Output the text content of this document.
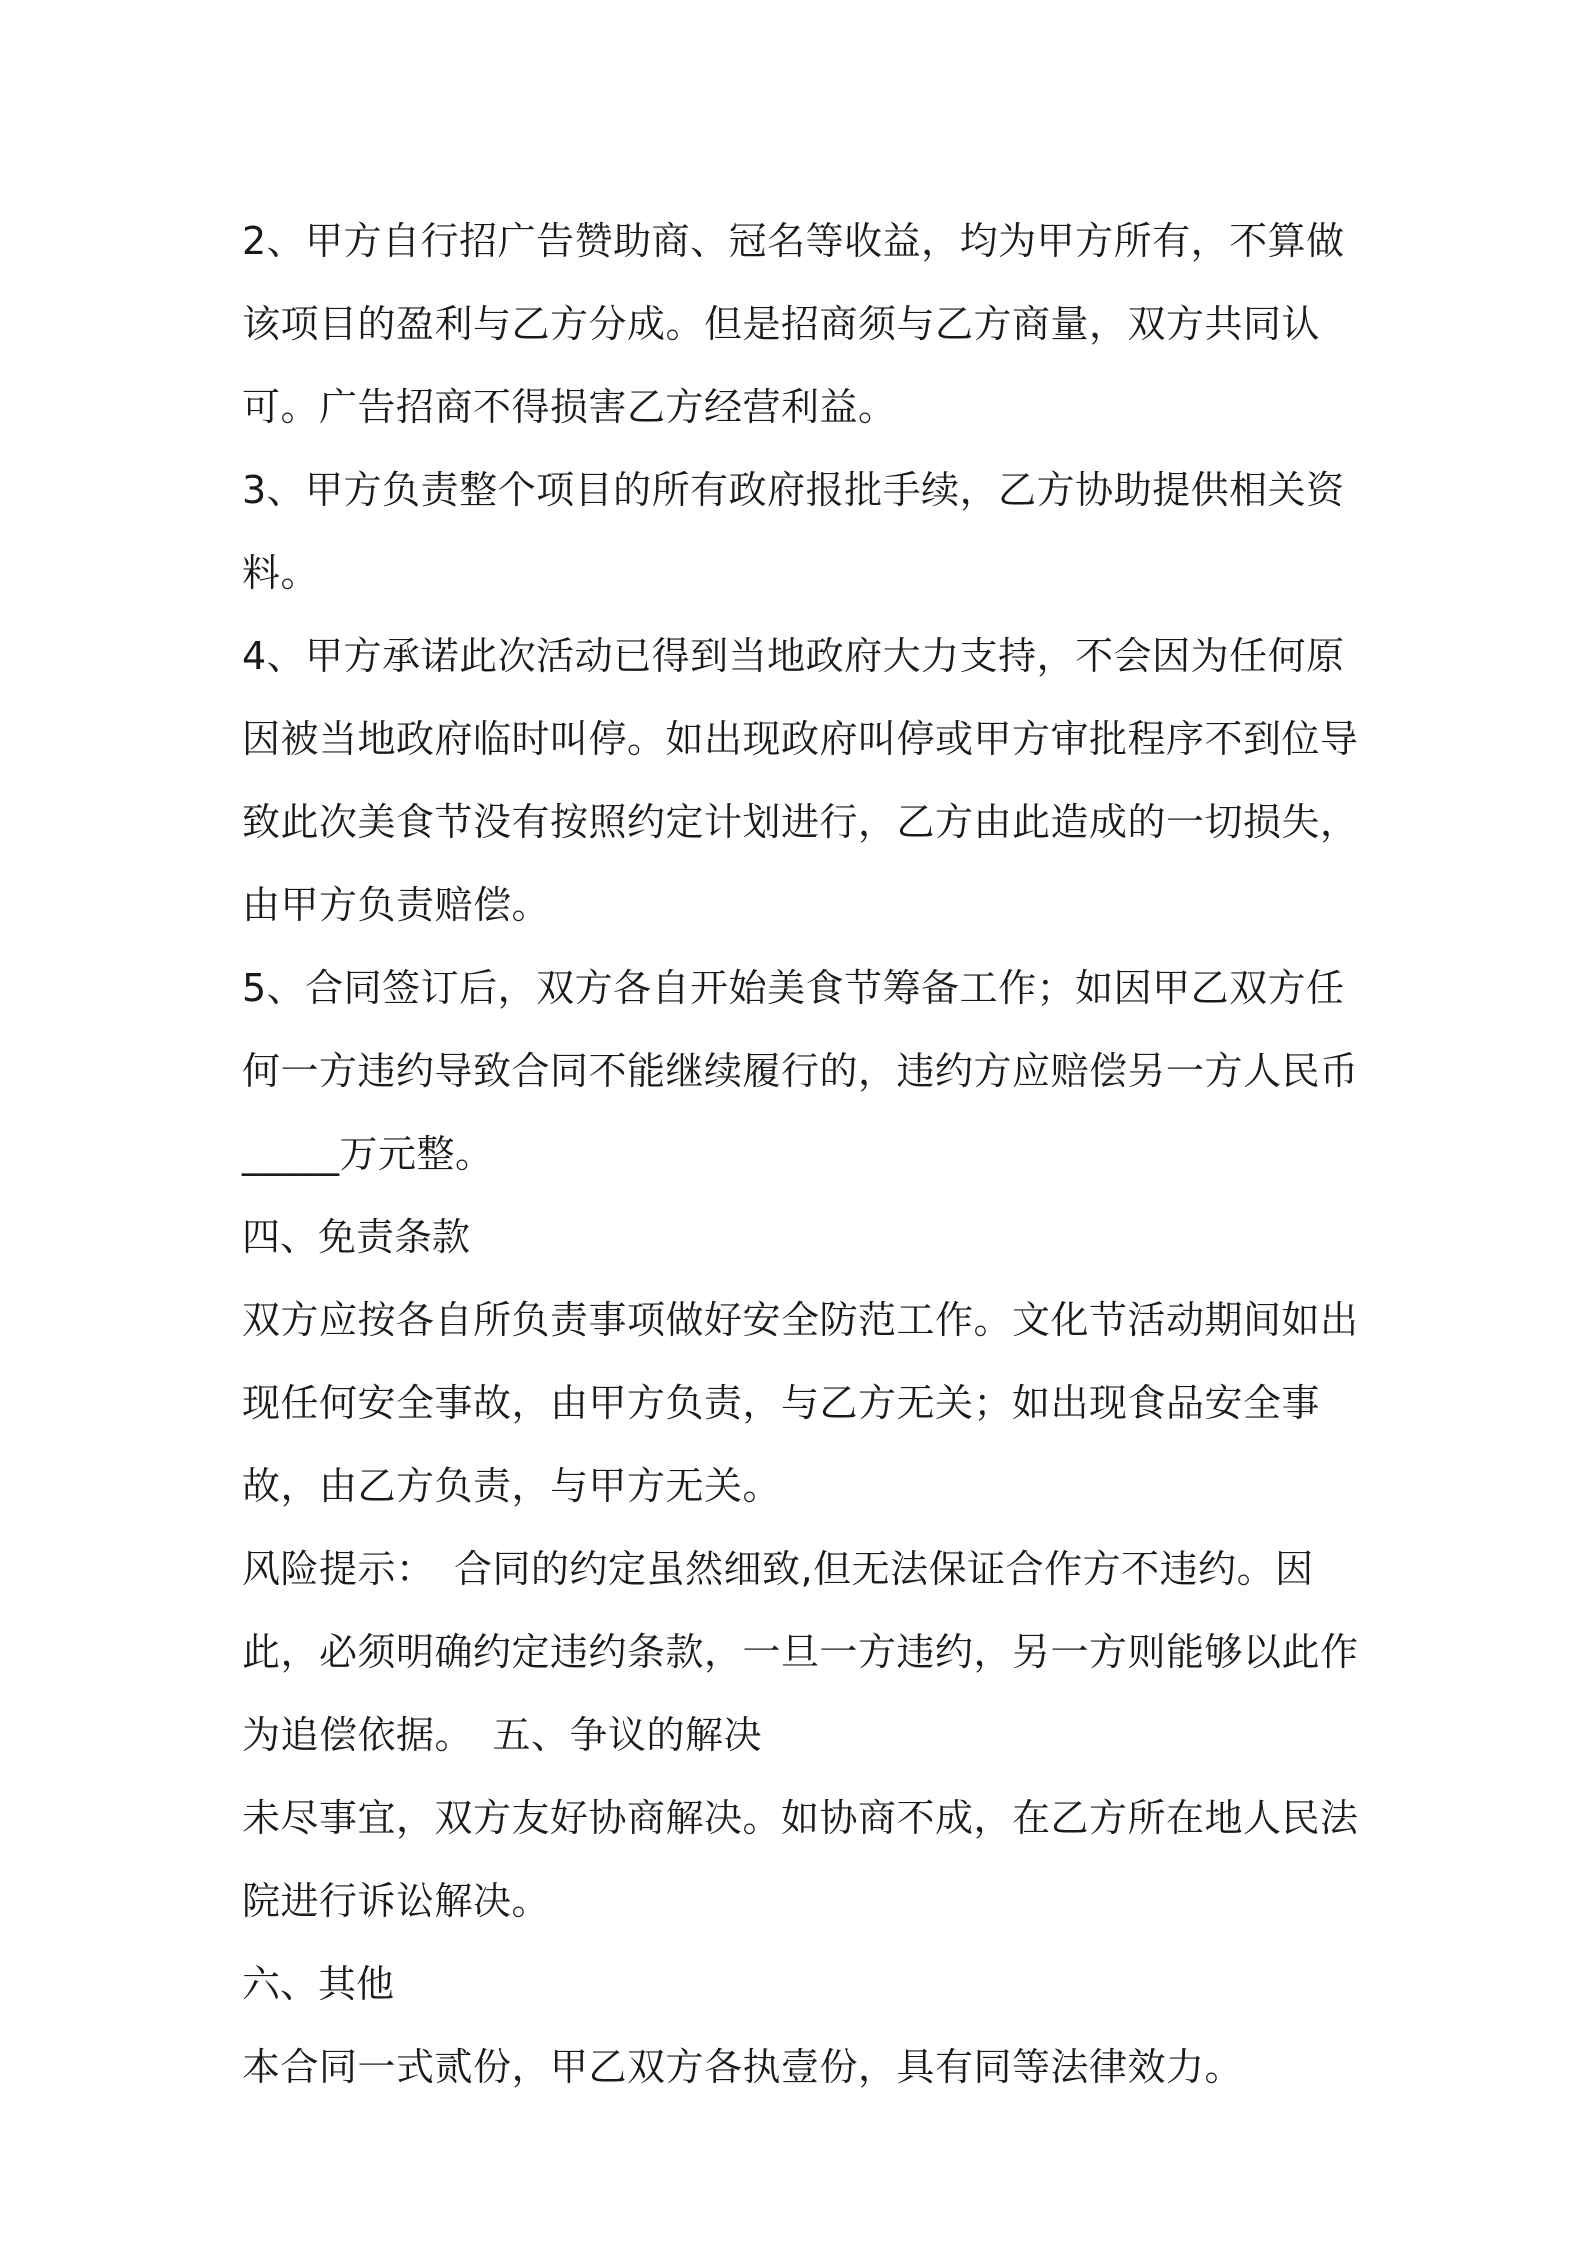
2、甲方自行招广告赞助商、冠名等收益，均为甲方所有，不算做该项目的盈利与乙方分成。但是招商须与乙方商量，双方共同认可。广告招商不得损害乙方经营利益。

3、甲方负责整个项目的所有政府报批手续，乙方协助提供相关资料。

4、甲方承诺此次活动已得到当地政府大力支持，不会因为任何原因被当地政府临时叫停。如出现政府叫停或甲方审批程序不到位导致此次美食节没有按照约定计划进行，乙方由此造成的一切损失，由甲方负责赔偿。

5、合同签订后，双方各自开始美食节筹备工作；如因甲乙双方任何一方违约导致合同不能继续履行的，违约方应赔偿另一方人民币_____万元整。

四、免责条款

双方应按各自所负责事项做好安全防范工作。文化节活动期间如出现任何安全事故，由甲方负责，与乙方无关；如出现食品安全事故，由乙方负责，与甲方无关。

风险提示：　合同的约定虽然细致,但无法保证合作方不违约。因此，必须明确约定违约条款，一旦一方违约，另一方则能够以此作为追偿依据。　五、争议的解决

未尽事宜，双方友好协商解决。如协商不成，在乙方所在地人民法院进行诉讼解决。

六、其他

本合同一式贰份，甲乙双方各执壹份，具有同等法律效力。
